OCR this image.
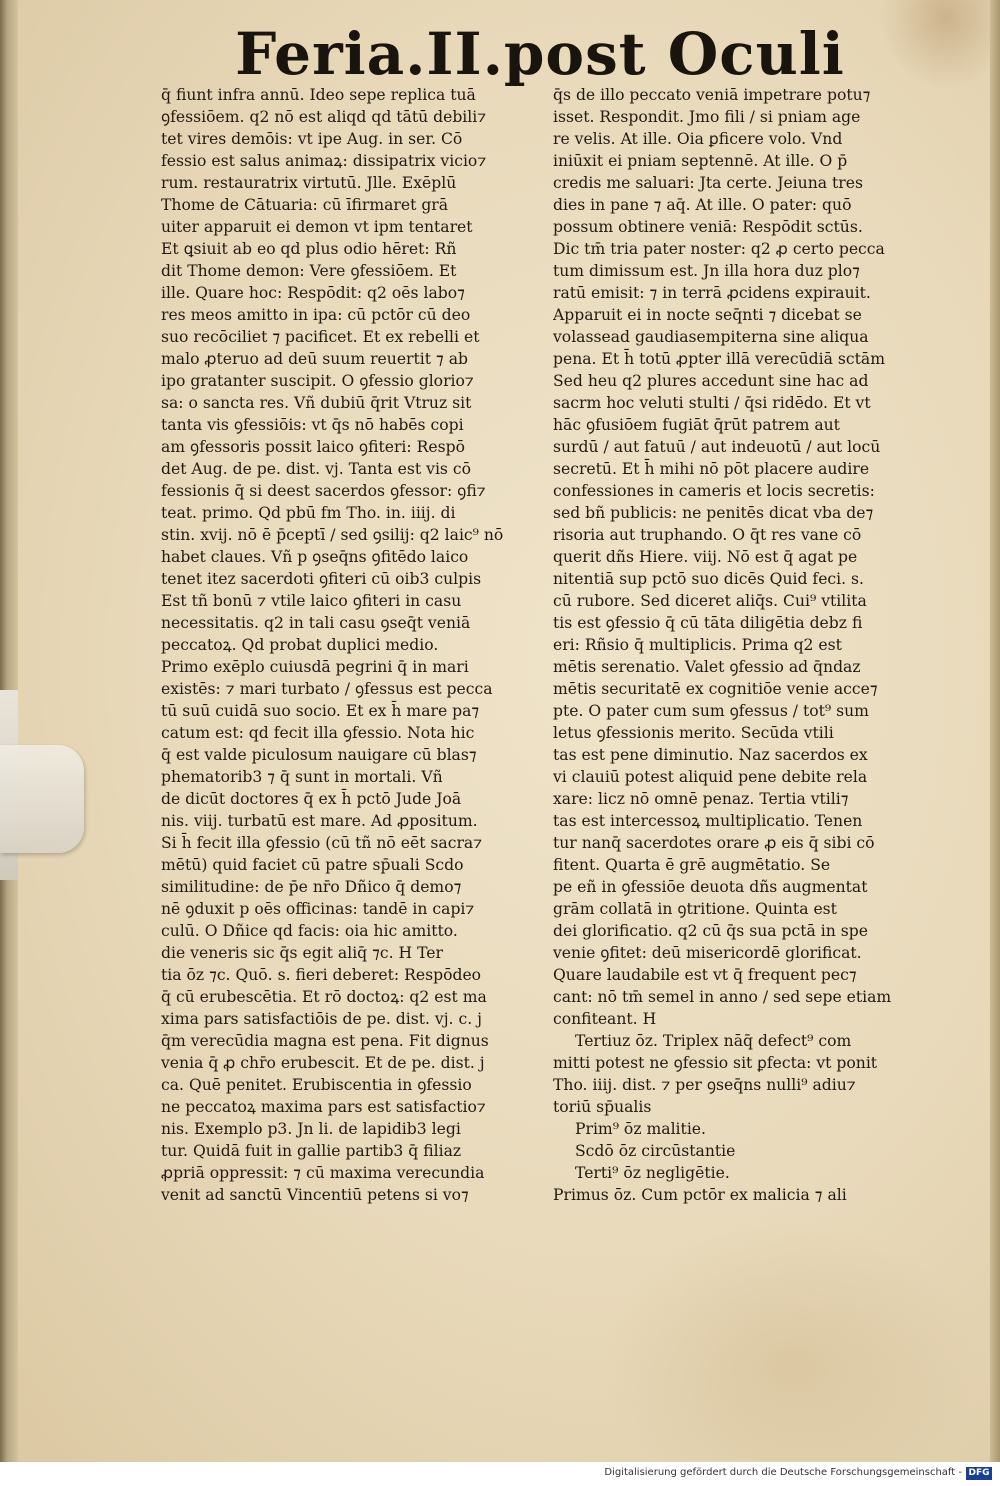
Feria.II.post Oculi
q̄ fiunt infra annū. Ideo sepe replica tuā
ꝯfessiōem. q2 nō est aliqd qd tātū debili⁊
tet vires demōis: vt ipe Aug. in ser. Cō
fessio est salus animaꝝ: dissipatrix vicio⁊
rum. restauratrix virtutū. Jlle. Exēplū
Thome de Cātuaria: cū īfirmaret grā
uiter apparuit ei demon vt ipm tentaret
Et ꝗsiuit ab eo qd plus odio hēret: Rñ
dit Thome demon: Vere ꝯfessiōem. Et
ille. Quare hoc: Respōdit: q2 oēs labo⁊
res meos amitto in ipa: cū pctōr cū deo
suo recōciliet ⁊ pacificet. Et ex rebelli et
malo ꝓteruo ad deū suum reuertit ⁊ ab
ipo gratanter suscipit. O ꝯfessio glorio⁊
sa: o sancta res. Vñ dubiū q̄rit Vtruz sit
tanta vis ꝯfessiōis: vt q̄s nō habēs copi
am ꝯfessoris possit laico ꝯfiteri: Respō
det Aug. de pe. dist. vj. Tanta est vis cō
fessionis q̄ si deest sacerdos ꝯfessor: ꝯfi⁊
teat. primo. Qd pbū fm Tho. in. iiij. di
stin. xvij. nō ē p̄ceptī / sed ꝯsilij: q2 laic⁹ nō
habet claues. Vñ p ꝯseq̄ns ꝯfitēdo laico
tenet itez sacerdoti ꝯfiteri cū oib3 culpis
Est tñ bonū ⁊ vtile laico ꝯfiteri in casu
necessitatis. q2 in tali casu ꝯseq̄t veniā
peccatoꝝ. Qd probat duplici medio.
Primo exēplo cuiusdā pegrini q̄ in mari
existēs: ⁊ mari turbato / ꝯfessus est pecca
tū suū cuidā suo socio. Et ex h̄ mare pa⁊
catum est: qd fecit illa ꝯfessio. Nota hic
q̄ est valde piculosum nauigare cū blas⁊
phematorib3 ⁊ q̄ sunt in mortali. Vñ
de dicūt doctores q̄ ex h̄ pctō Jude Joā
nis. viij. turbatū est mare. Ad ꝓpositum.
Si h̄ fecit illa ꝯfessio (cū tñ nō eēt sacra⁊
mētū) quid faciet cū patre sp̄uali Scdo
similitudine: de p̄e nr̄o Dñico q̄ demo⁊
nē ꝯduxit p oēs officinas: tandē in capi⁊
culū. O Dñice qd facis: oia hic amitto.
die veneris sic q̄s egit aliq̄ ⁊c. H Ter
tia ōz ⁊c. Quō. s. fieri deberet: Respōdeo
q̄ cū erubescētia. Et rō doctoꝝ: q2 est ma
xima pars satisfactiōis de pe. dist. vj. c. j
q̄m verecūdia magna est pena. Fit dignus
venia q̄ ꝓ chr̄o erubescit. Et de pe. dist. j
ca. Quē penitet. Erubiscentia in ꝯfessio
ne peccatoꝝ maxima pars est satisfactio⁊
nis. Exemplo p3. Jn li. de lapidib3 legi
tur. Quidā fuit in gallie partib3 q̄ filiaz
ꝓpriā oppressit: ⁊ cū maxima verecundia
venit ad sanctū Vincentiū petens si vo⁊
q̄s de illo peccato veniā impetrare potu⁊
isset. Respondit. Jmo fili / si pniam age
re velis. At ille. Oia ꝑficere volo. Vnd
iniūxit ei pniam septennē. At ille. O p̄
credis me saluari: Jta certe. Jeiuna tres
dies in pane ⁊ aq̄. At ille. O pater: quō
possum obtinere veniā: Respōdit sctūs.
Dic tm̄ tria pater noster: q2 ꝓ certo pecca
tum dimissum est. Jn illa hora duz plo⁊
ratū emisit: ⁊ in terrā ꝓcidens expirauit.
Apparuit ei in nocte seq̄nti ⁊ dicebat se
volassead gaudiasempiterna sine aliqua
pena. Et h̄ totū ꝓpter illā verecūdiā sctām
Sed heu q2 plures accedunt sine hac ad
sacrm hoc veluti stulti / q̄si ridēdo. Et vt
hāc ꝯfusiōem fugiāt q̄rūt patrem aut
surdū / aut fatuū / aut indeuotū / aut locū
secretū. Et h̄ mihi nō pōt placere audire
confessiones in cameris et locis secretis:
sed bñ publicis: ne penitēs dicat vba de⁊
risoria aut truphando. O q̄t res vane cō
querit dñs Hiere. viij. Nō est q̄ agat pe
nitentiā sup pctō suo dicēs Quid feci. s.
cū rubore. Sed diceret aliq̄s. Cui⁹ vtilita
tis est ꝯfessio q̄ cū tāta diligētia debz fi
eri: Rñsio q̄ multiplicis. Prima q2 est
mētis serenatio. Valet ꝯfessio ad q̄ndaz
mētis securitatē ex cognitiōe venie acce⁊
pte. O pater cum sum ꝯfessus / tot⁹ sum
letus ꝯfessionis merito. Secūda vtili
tas est pene diminutio. Naz sacerdos ex
vi clauiū potest aliquid pene debite rela
xare: licz nō omnē penaz. Tertia vtili⁊
tas est intercessoꝝ multiplicatio. Tenen
tur nanq̄ sacerdotes orare ꝓ eis q̄ sibi cō
fitent. Quarta ē grē augmētatio. Se
pe eñ in ꝯfessiōe deuota dñs augmentat
grām collatā in ꝯtritione. Quinta est
dei glorificatio. q2 cū q̄s sua pctā in spe
venie ꝯfitet: deū misericordē glorificat.
Quare laudabile est vt q̄ frequent pec⁊
cant: nō tm̄ semel in anno / sed sepe etiam
confiteant. H
Tertiuz ōz. Triplex nāq̄ defect⁹ com
mitti potest ne ꝯfessio sit ꝑfecta: vt ponit
Tho. iiij. dist. ⁊ per ꝯseq̄ns nulli⁹ adiu⁊
toriū sp̄ualis
Prim⁹ ōz malitie.
Scdō ōz circūstantie
Terti⁹ ōz negligētie.
Primus ōz. Cum pctōr ex malicia ⁊ ali
Digitalisierung gefördert durch die Deutsche Forschungsgemeinschaft - DFG
